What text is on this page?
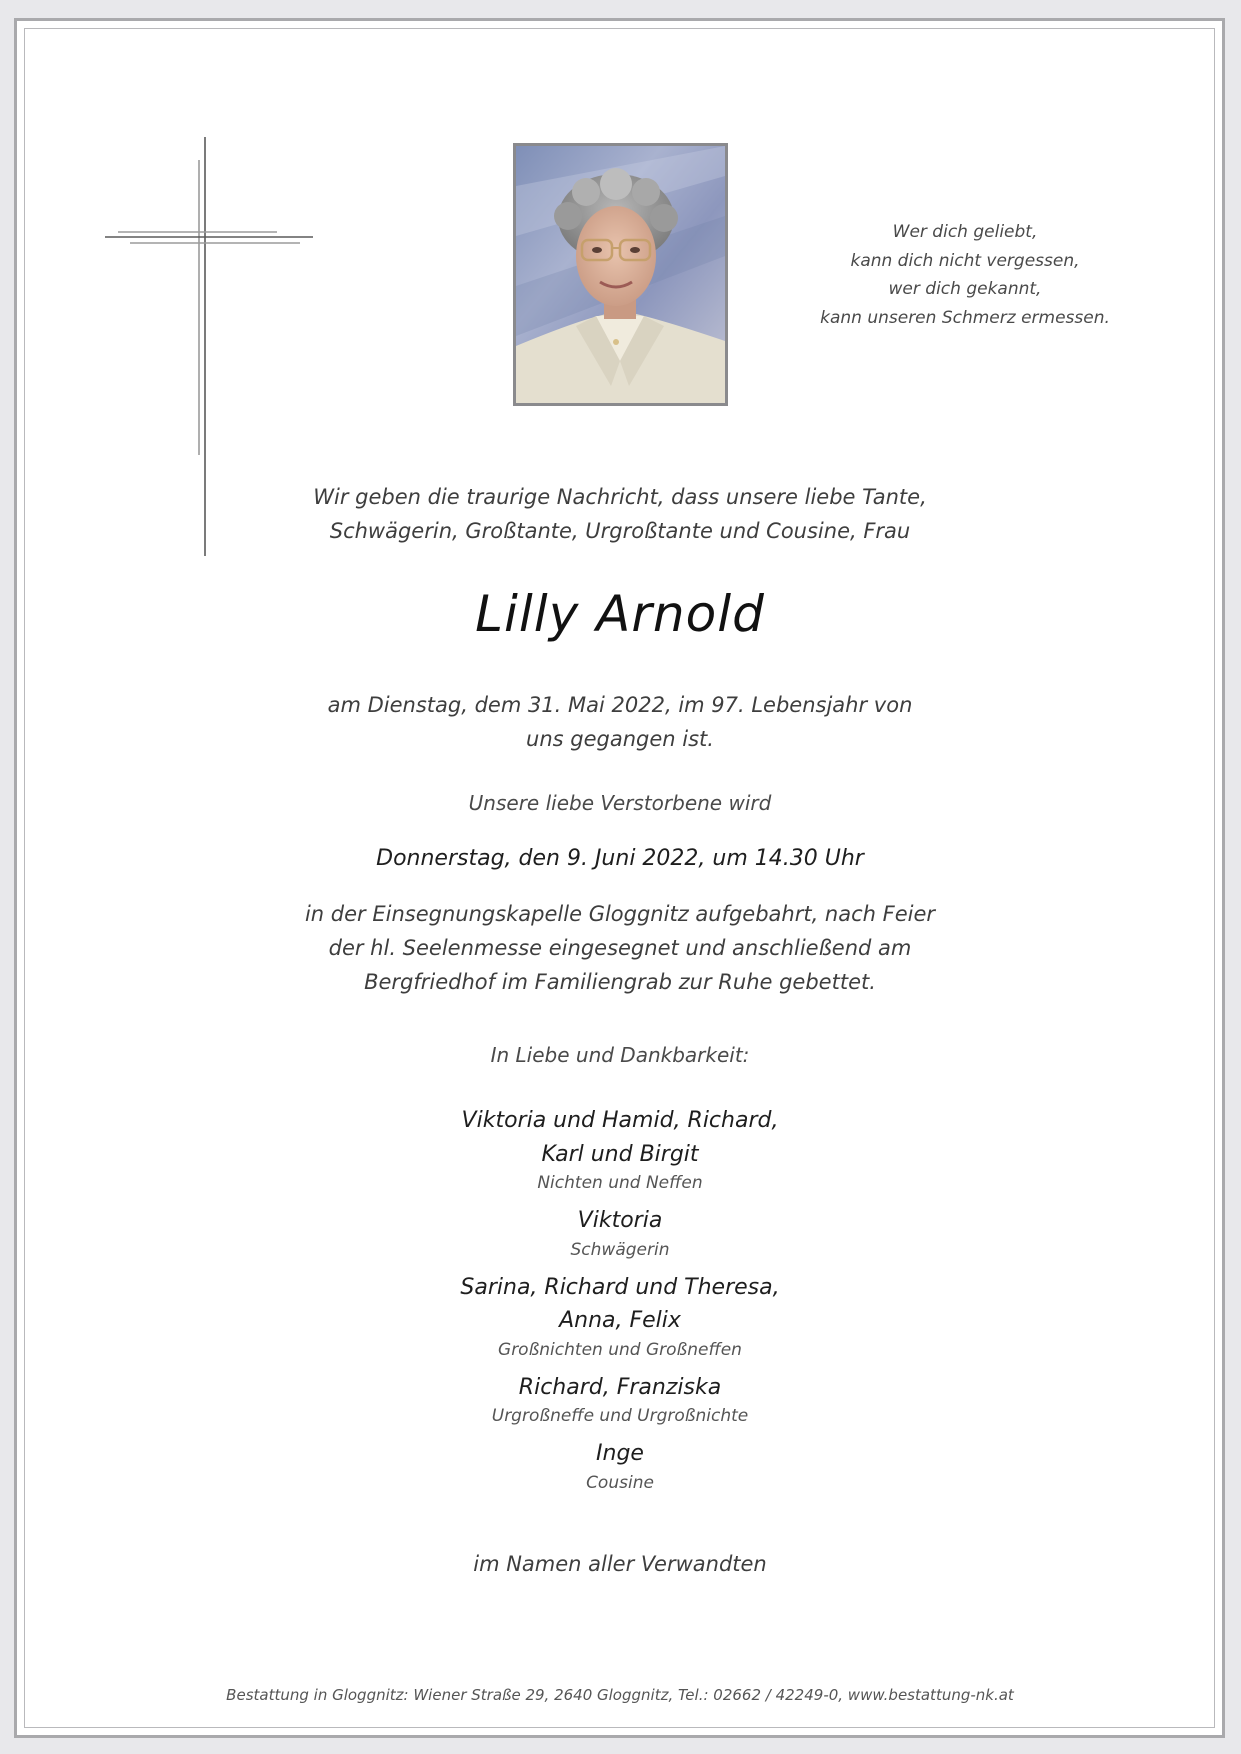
Wer dich geliebt,
kann dich nicht vergessen,
wer dich gekannt,
kann unseren Schmerz ermessen.
Wir geben die traurige Nachricht, dass unsere liebe Tante,
Schwägerin, Großtante, Urgroßtante und Cousine, Frau
Lilly Arnold
am Dienstag, dem 31. Mai 2022, im 97. Lebensjahr von
uns gegangen ist.
Unsere liebe Verstorbene wird
Donnerstag, den 9. Juni 2022, um 14.30 Uhr
in der Einsegnungskapelle Gloggnitz aufgebahrt, nach Feier
der hl. Seelenmesse eingesegnet und anschließend am
Bergfriedhof im Familiengrab zur Ruhe gebettet.
In Liebe und Dankbarkeit:

Viktoria und Hamid, Richard,

Karl und Birgit

Nichten und Neffen

Viktoria

Schwägerin

Sarina, Richard und Theresa,

Anna, Felix

Großnichten und Großneffen

Richard, Franziska

Urgroßneffe und Urgroßnichte

Inge

Cousine

im Namen aller Verwandten
Bestattung in Gloggnitz: Wiener Straße 29, 2640 Gloggnitz, Tel.: 02662 / 42249-0, www.bestattung-nk.at
